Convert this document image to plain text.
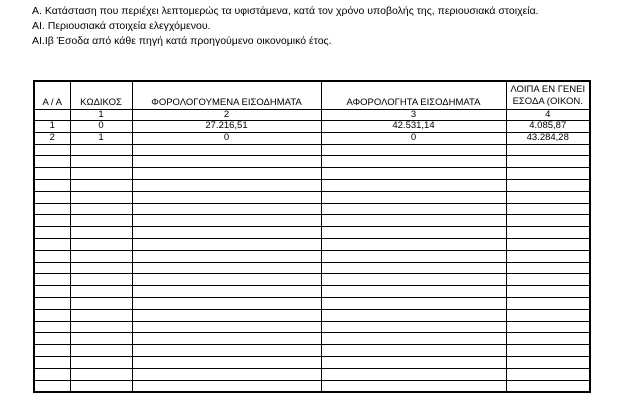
Α. Κατάσταση που περιέχει λεπτομερώς τα υφιστάμενα, κατά τον χρόνο υποβολής της, περιουσιακά στοιχεία.
ΑΙ. Περιουσιακά στοιχεία ελεγχόμενου.
ΑΙ.Ιβ Έσοδα από κάθε πηγή κατά προηγούμενο οικονομικό έτος.
Α / Α	ΚΩΔΙΚΟΣ	ΦΟΡΟΛΟΓΟΥΜΕΝΑ ΕΙΣΟΔΗΜΑΤΑ	ΑΦΟΡΟΛΟΓΗΤΑ ΕΙΣΟΔΗΜΑΤΑ	ΛΟΙΠΑ ΕΝ ΓΕΝΕΙ ΕΣΟΔΑ (ΟΙΚΟΝ.
	1	2	3	4
1	0	27.216,51	42.531,14	4.085,87
2	1	0	0	43.284,28
